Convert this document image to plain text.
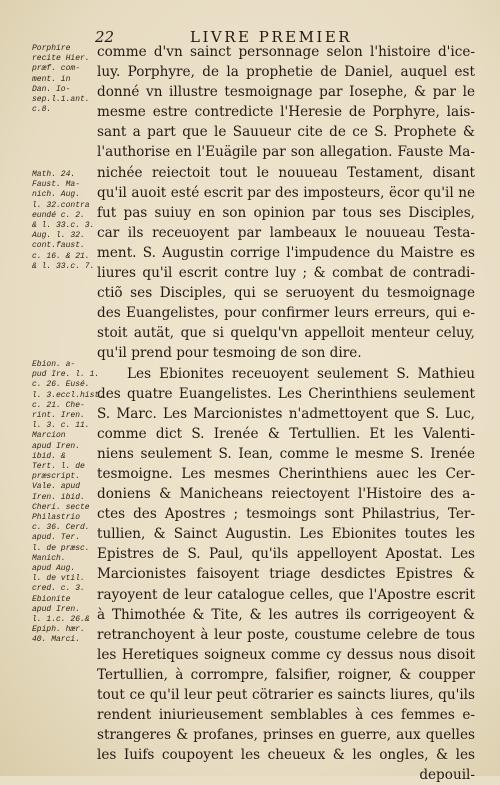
22	LIVRE PREMIER
Porphire
recite Hier.
præf. com-
ment. in
Dan. Io-
sep.l.1.ant.
c.8.
Math. 24.
Faust. Ma-
nich. Aug.
l. 32.contra
eundé c. 2.
& l. 33.c. 3.
Aug. l. 32.
cont.faust.
c. 16. & 21.
& l. 33.c. 7.
Ebion. a-
pud Ire. l. 1.
c. 26. Eusé.
l. 3.eccl.hist.
c. 21. Che-
rint. Iren.
l. 3. c. 11.
Marcion
apud Iren.
ibid. &
Tert. l. de
præscript.
Vale. apud
Iren. ibid.
Cheri. secte
Philastrio
c. 36. Cerd.
apud. Ter.
l. de præsc.
Manich.
apud Aug.
l. de vtil.
cred. c. 3.
Ebionite
apud Iren.
l. 1.c. 26.&
Epiph. hær.
40. Marci.
comme d'vn sainct personnage selon l'histoire d'ice-
luy. Porphyre, de la prophetie de Daniel, auquel est
donné vn illustre tesmoignage par Iosephe, & par le
mesme estre contredicte l'Heresie de Porphyre, lais-
sant a part que le Sauueur cite de ce S. Prophete &
l'authorise en l'Euägile par son allegation. Fauste Ma-
nichée reiectoit tout le nouueau Testament, disant
qu'il auoit esté escrit par des imposteurs, ëcor qu'il ne
fut pas suiuy en son opinion par tous ses Disciples,
car ils receuoyent par lambeaux le nouueau Testa-
ment. S. Augustin corrige l'impudence du Maistre es
liures qu'il escrit contre luy ; & combat de contradi-
ctiõ ses Disciples, qui se seruoyent du tesmoignage
des Euangelistes, pour confirmer leurs erreurs, qui e-
stoit autät, que si quelqu'vn appelloit menteur celuy,
qu'il prend pour tesmoing de son dire.
Les Ebionites receuoyent seulement S. Mathieu
des quatre Euangelistes. Les Cherinthiens seulement
S. Marc. Les Marcionistes n'admettoyent que S. Luc,
comme dict S. Irenée & Tertullien. Et les Valenti-
niens seulement S. Iean, comme le mesme S. Irenée
tesmoigne. Les mesmes Cherinthiens auec les Cer-
doniens & Manicheans reiectoyent l'Histoire des a-
ctes des Apostres ; tesmoings sont Philastrius, Ter-
tullien, & Sainct Augustin. Les Ebionites toutes les
Epistres de S. Paul, qu'ils appelloyent Apostat. Les
Marcionistes faisoyent triage desdictes Epistres &
rayoyent de leur catalogue celles, que l'Apostre escrit
à Thimothée & Tite, & les autres ils corrigeoyent &
retranchoyent à leur poste, coustume celebre de tous
les Heretiques soigneux comme cy dessus nous disoit
Tertullien, à corrompre, falsifier, roigner, & coupper
tout ce qu'il leur peut cötrarier es saincts liures, qu'ils
rendent iniurieusement semblables à ces femmes e-
strangeres & profanes, prinses en guerre, aux quelles
les Iuifs coupoyent les cheueux & les ongles, & les
depouil-
